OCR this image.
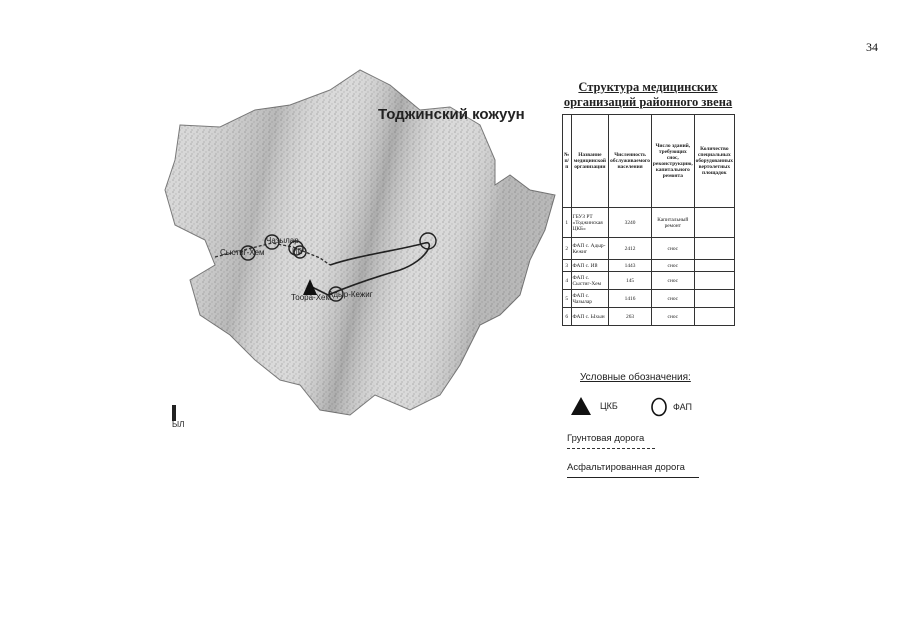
34
Тоджинский кожуун
Сыстиг-Хем
Чазылар
Ий
Тоора-Хем
Адыр-Кежиг
ЫЛ
Структура медицинских
организаций районного звена
№ п/п	Название медицинской организации	Численность обслуживаемого населения	Число зданий, требующих снос, реконструкцию, капитального ремонта	Количество специальных оборудованных вертолетных площадок
1	ГБУЗ РТ «Тоджинская ЦКБ»	3240	Капитальный ремонт	
2	ФАП с. Адыр-Кежиг	2412	снос	
3	ФАП с. Ий	1443	снос	
4	ФАП с. Сыстиг-Хем	145	снос	
5	ФАП с. Чазылар	1416	снос	
6	ФАП с. Ыхын	263	снос	
Условные обозначения:
ЦКБ	ФАП
Грунтовая дорога
Асфальтированная дорога
